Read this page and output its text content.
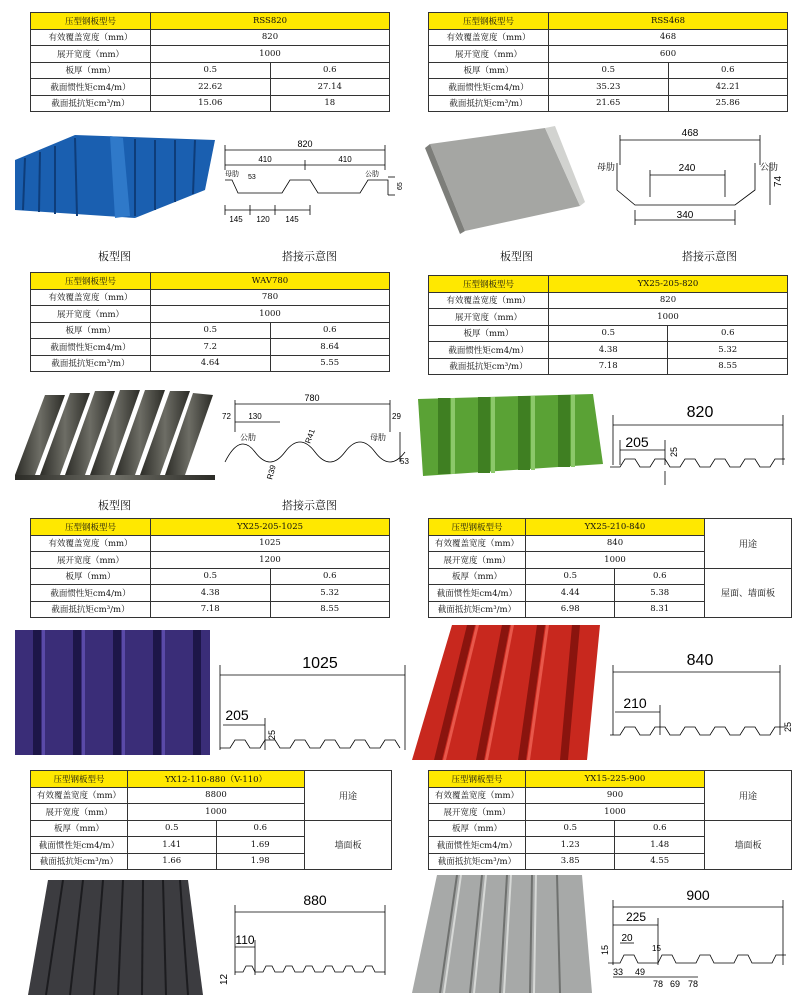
压型钢板型号	RSS820	
有效覆盖宽度（mm）	820	
展开宽度（mm）	1000	
板厚（mm）	0.5	0.6
截面惯性矩cm4/m）	22.62	27.14
截面抵抗矩cm³/m）	15.06	18
压型钢板型号	RSS468	
有效覆盖宽度（mm）	468	
展开宽度（mm）	600	
板厚（mm）	0.5	0.6
截面惯性矩cm4/m）	35.23	42.21
截面抵抗矩cm³/m）	21.65	25.86
压型钢板型号	WAV780	
有效覆盖宽度（mm）	780	
展开宽度（mm）	1000	
板厚（mm）	0.5	0.6
截面惯性矩cm4/m）	7.2	8.64
截面抵抗矩cm³/m）	4.64	5.55
压型钢板型号	YX25-205-820	
有效覆盖宽度（mm）	820	
展开宽度（mm）	1000	
板厚（mm）	0.5	0.6
截面惯性矩cm4/m）	4.38	5.32
截面抵抗矩cm³/m）	7.18	8.55
压型钢板型号	YX25-205-1025	
有效覆盖宽度（mm）	1025	
展开宽度（mm）	1200	
板厚（mm）	0.5	0.6
截面惯性矩cm4/m）	4.38	5.32
截面抵抗矩cm³/m）	7.18	8.55
压型钢板型号	YX25-210-840		用途
有效覆盖宽度（mm）	840		
展开宽度（mm）	1000		
板厚（mm）	0.5	0.6	屋面、墙面板
截面惯性矩cm4/m）	4.44	5.38	
截面抵抗矩cm³/m）	6.98	8.31	
压型钢板型号	YX12-110-880（V-110）		用途
有效覆盖宽度（mm）	8800		
展开宽度（mm）	1000		
板厚（mm）	0.5	0.6	墙面板
截面惯性矩cm4/m）	1.41	1.69	
截面抵抗矩cm³/m）	1.66	1.98	
压型钢板型号	YX15-225-900		用途
有效覆盖宽度（mm）	900		
展开宽度（mm）	1000		
板厚（mm）	0.5	0.6	墙面板
截面惯性矩cm4/m）	1.23	1.48	
截面抵抗矩cm³/m）	3.85	4.55	
820
410	410
母肋 53	公肋
145 120 145
65
468
母肋	240	公肋
74
340
780
72 130
公肋	R41
29
母肋
R39
53
820
205
25
1025
205
25
840
210
25
880
110
12
900
225
20
15
15
33 49
78 69 78
板型图	搭接示意图	板型图	搭接示意图
板型图	搭接示意图
